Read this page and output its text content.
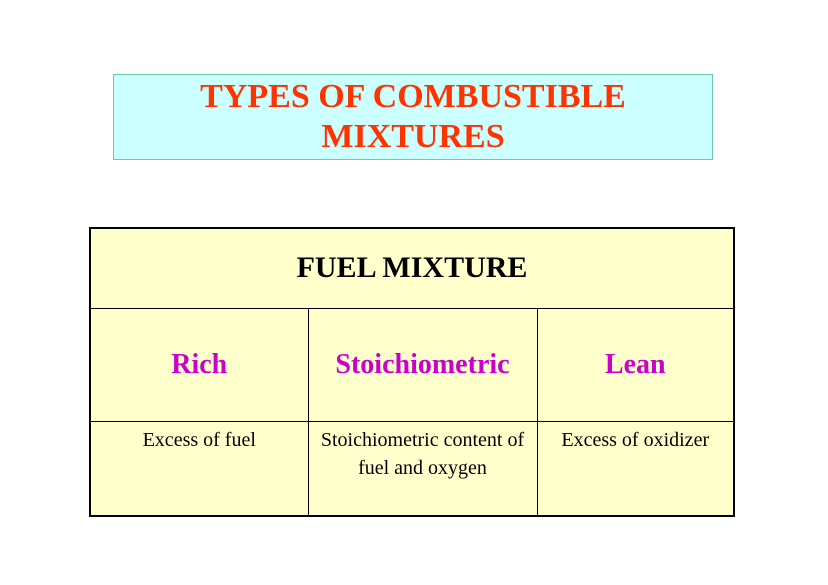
TYPES OF COMBUSTIBLE MIXTURES
FUEL MIXTURE		
Rich	Stoichiometric	Lean
Excess of fuel	Stoichiometric content of fuel and oxygen	Excess of oxidizer
